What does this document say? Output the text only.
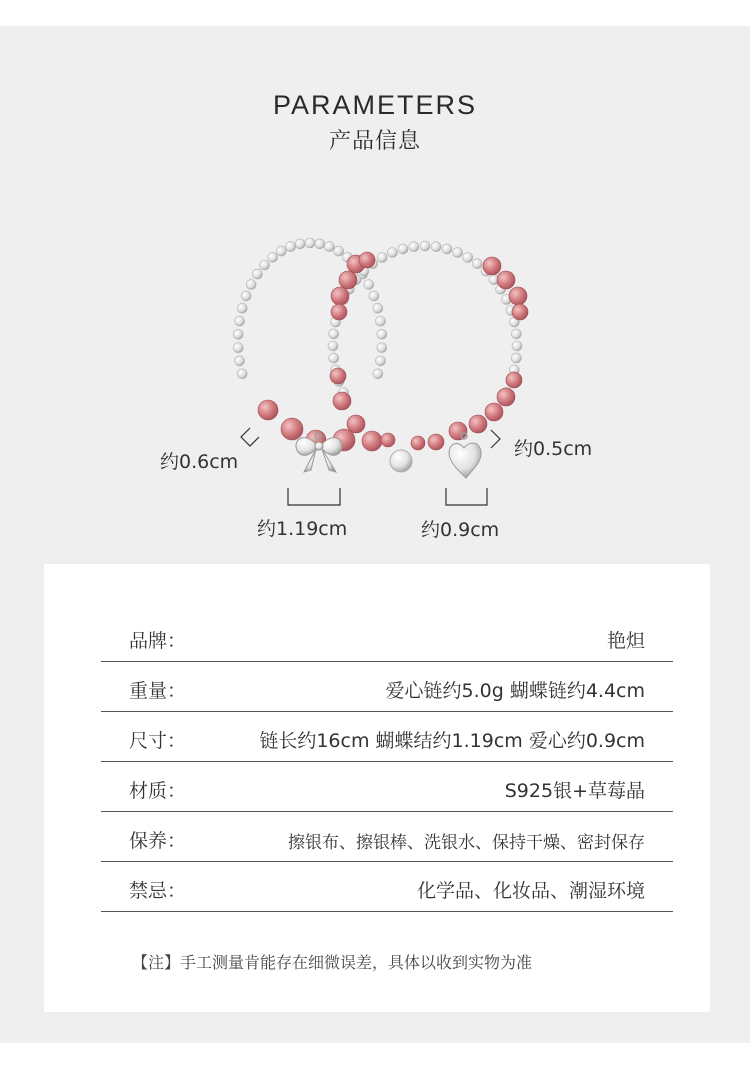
PARAMETERS
产品信息
约0.6cm
约0.5cm
约1.19cm	约0.9cm
品牌：	艳炟
重量：	爱心链约5.0g 蝴蝶链约4.4cm
尺寸：	链长约16cm 蝴蝶结约1.19cm 爱心约0.9cm
材质：	S925银+草莓晶
保养：	擦银布、擦银棒、洗银水、保持干燥、密封保存
禁忌：	化学品、化妆品、潮湿环境
【注】手工测量肯能存在细微误差，具体以收到实物为准
